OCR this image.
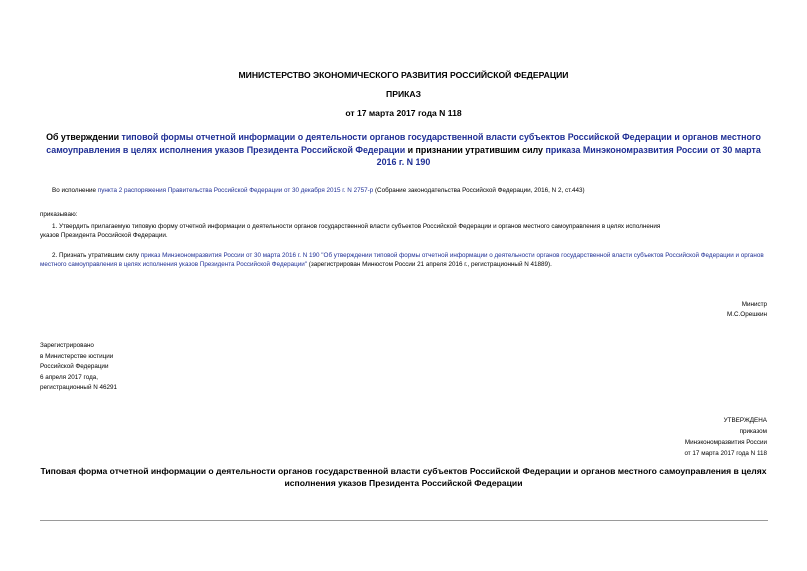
МИНИСТЕРСТВО ЭКОНОМИЧЕСКОГО РАЗВИТИЯ РОССИЙСКОЙ ФЕДЕРАЦИИ
ПРИКАЗ
от 17 марта 2017 года N 118
Об утверждении типовой формы отчетной информации о деятельности органов государственной власти субъектов Российской Федерации и органов местного самоуправления в целях исполнения указов Президента Российской Федерации и признании утратившим силу приказа Минэкономразвития России от 30 марта 2016 г. N 190
Во исполнение пункта 2 распоряжения Правительства Российской Федерации от 30 декабря 2015 г. N 2757-р (Собрание законодательства Российской Федерации, 2016, N 2, ст.443)
приказываю:
1. Утвердить прилагаемую типовую форму отчетной информации о деятельности органов государственной власти субъектов Российской Федерации и органов местного самоуправления в целях исполнения
указов Президента Российской Федерации.
2. Признать утратившим силу приказ Минэкономразвития России от 30 марта 2016 г. N 190 "Об утверждении типовой формы отчетной информации о деятельности органов государственной власти субъектов Российской Федерации и органов местного самоуправления в целях исполнения указов Президента Российской Федерации" (зарегистрирован Минюстом России 21 апреля 2016 г., регистрационный N 41889).
Министр
М.С.Орешкин
Зарегистрировано
в Министерстве юстиции
Российской Федерации
6 апреля 2017 года,
регистрационный N 46291
УТВЕРЖДЕНА
приказом
Минэкономразвития России
от 17 марта 2017 года N 118
Типовая форма отчетной информации о деятельности органов государственной власти субъектов Российской Федерации и органов местного самоуправления в целях исполнения указов Президента Российской Федерации
